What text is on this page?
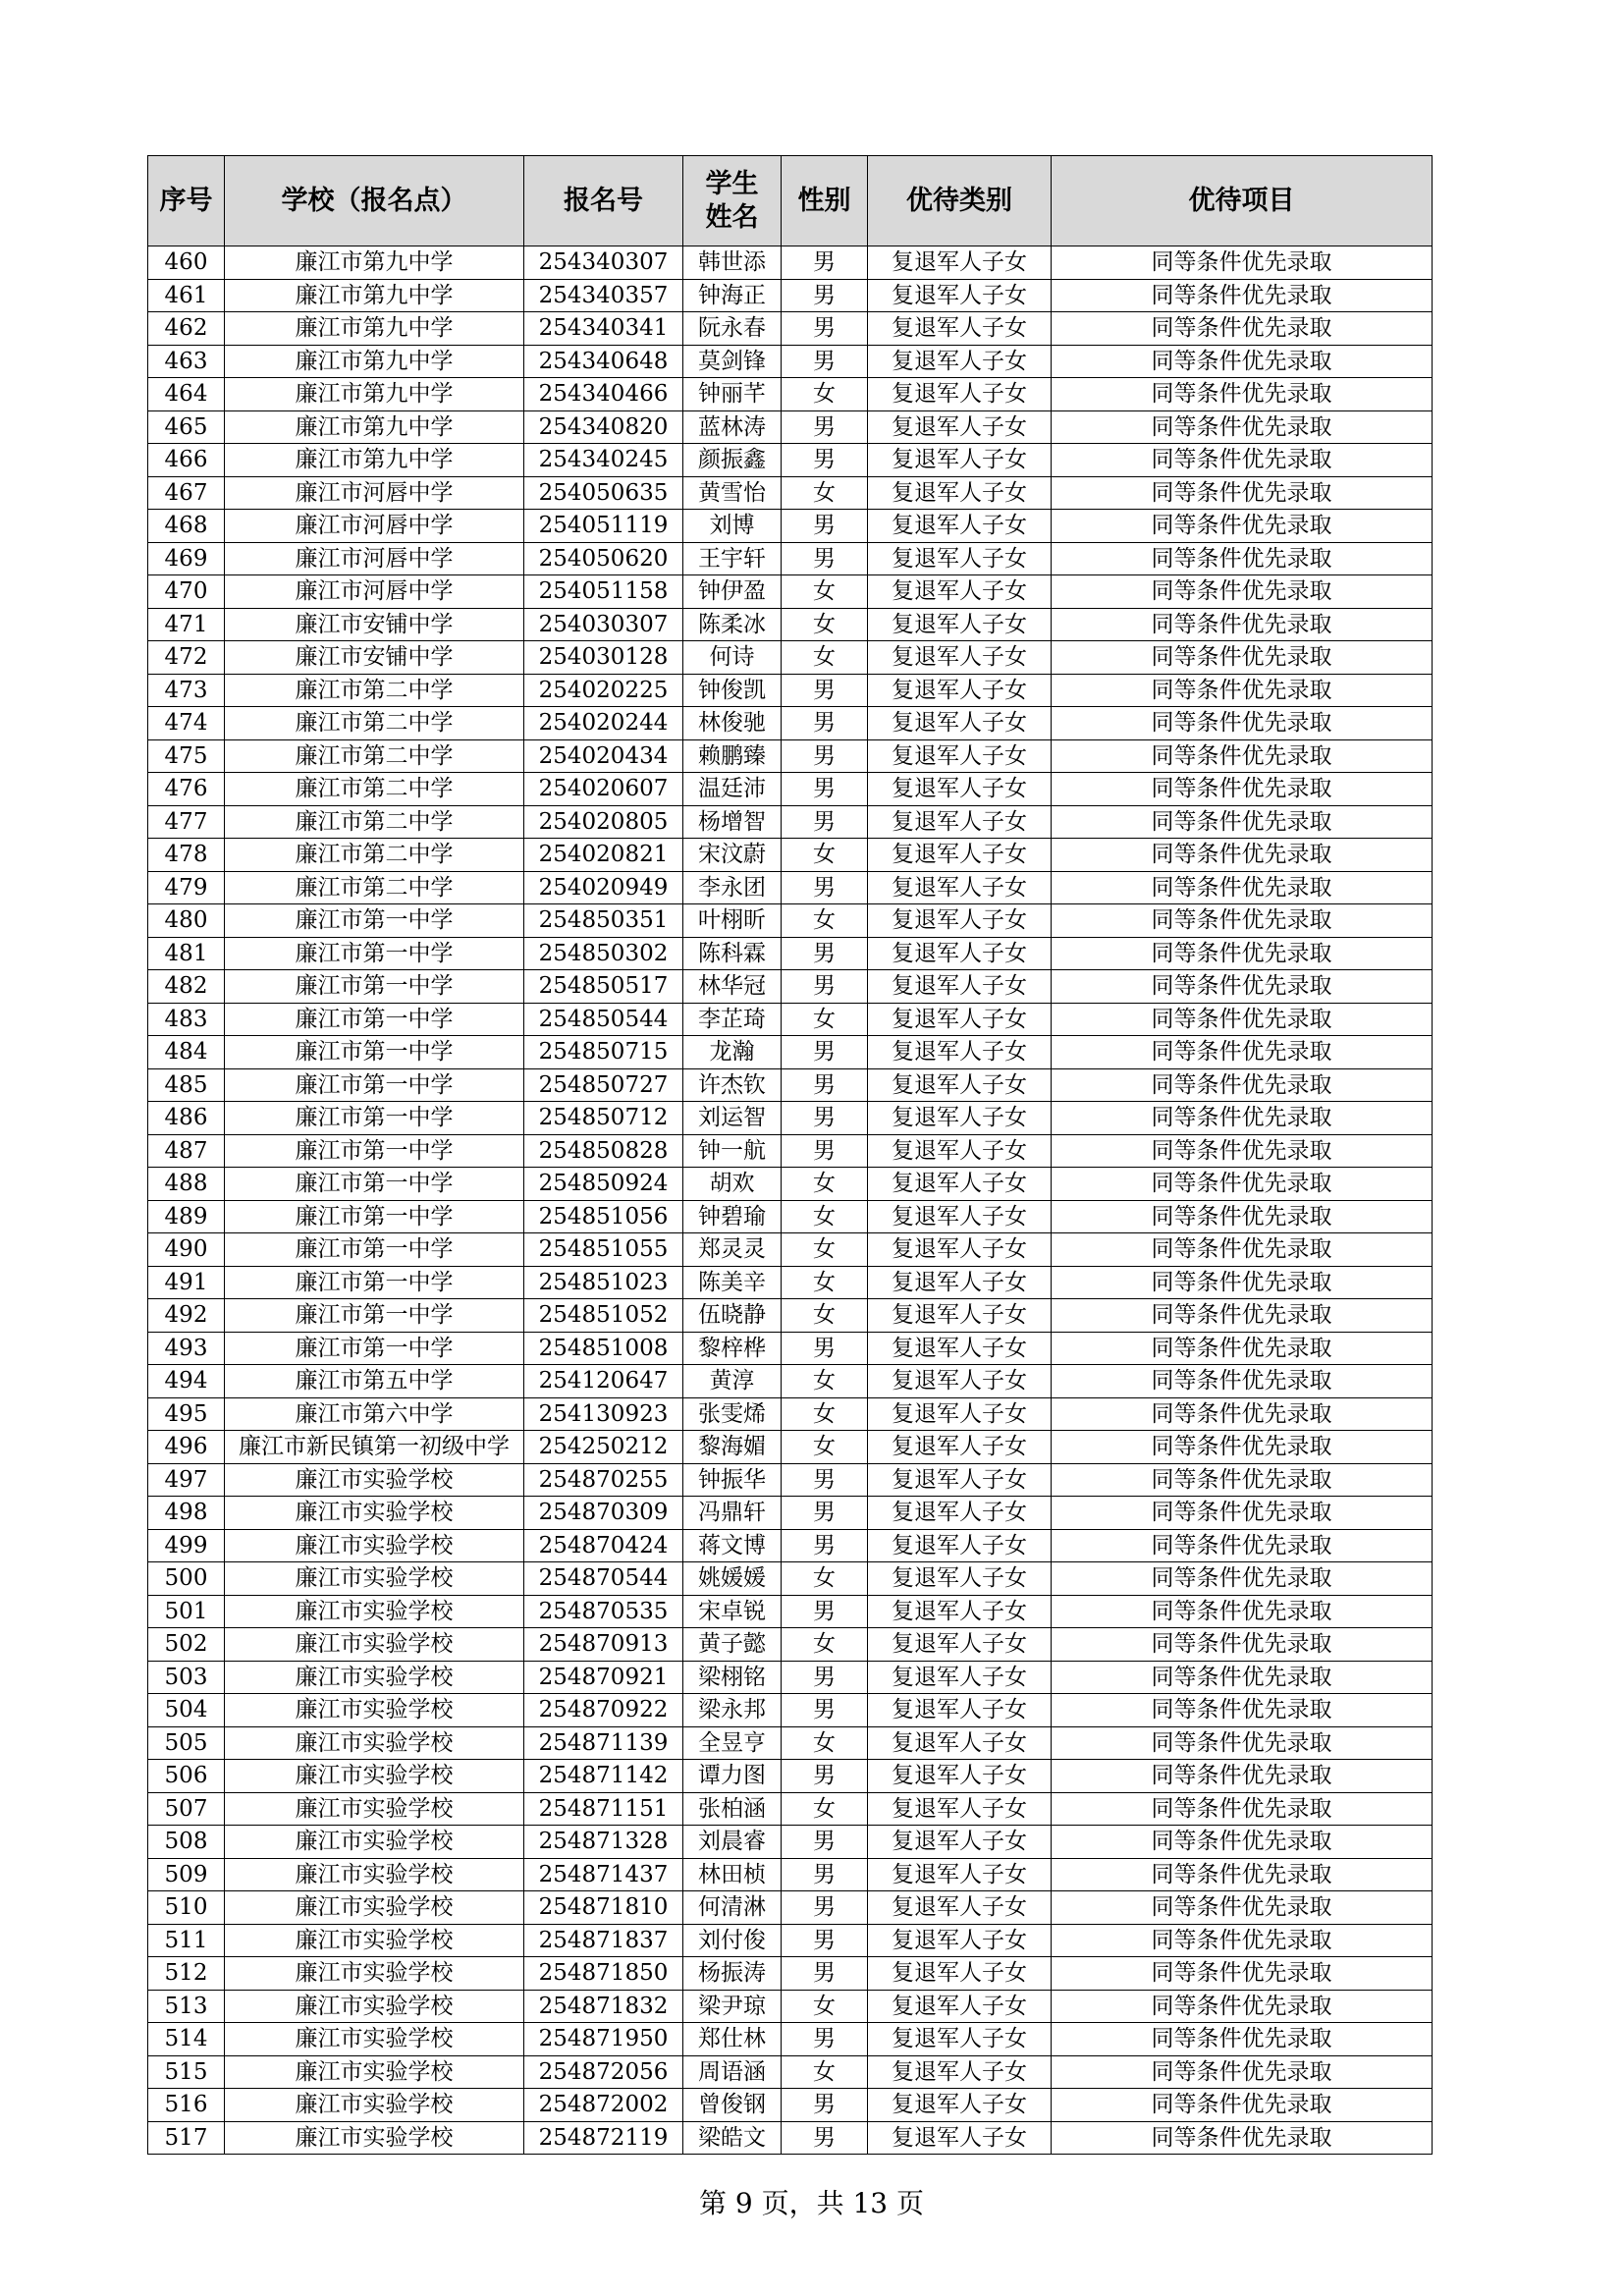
序号	学校（报名点）	报名号	学生姓名	性别	优待类别	优待项目
460	廉江市第九中学	254340307	韩世添	男	复退军人子女	同等条件优先录取
461	廉江市第九中学	254340357	钟海正	男	复退军人子女	同等条件优先录取
462	廉江市第九中学	254340341	阮永春	男	复退军人子女	同等条件优先录取
463	廉江市第九中学	254340648	莫剑锋	男	复退军人子女	同等条件优先录取
464	廉江市第九中学	254340466	钟丽芊	女	复退军人子女	同等条件优先录取
465	廉江市第九中学	254340820	蓝林涛	男	复退军人子女	同等条件优先录取
466	廉江市第九中学	254340245	颜振鑫	男	复退军人子女	同等条件优先录取
467	廉江市河唇中学	254050635	黄雪怡	女	复退军人子女	同等条件优先录取
468	廉江市河唇中学	254051119	刘博	男	复退军人子女	同等条件优先录取
469	廉江市河唇中学	254050620	王宇轩	男	复退军人子女	同等条件优先录取
470	廉江市河唇中学	254051158	钟伊盈	女	复退军人子女	同等条件优先录取
471	廉江市安铺中学	254030307	陈柔冰	女	复退军人子女	同等条件优先录取
472	廉江市安铺中学	254030128	何诗	女	复退军人子女	同等条件优先录取
473	廉江市第二中学	254020225	钟俊凯	男	复退军人子女	同等条件优先录取
474	廉江市第二中学	254020244	林俊驰	男	复退军人子女	同等条件优先录取
475	廉江市第二中学	254020434	赖鹏臻	男	复退军人子女	同等条件优先录取
476	廉江市第二中学	254020607	温廷沛	男	复退军人子女	同等条件优先录取
477	廉江市第二中学	254020805	杨增智	男	复退军人子女	同等条件优先录取
478	廉江市第二中学	254020821	宋汶蔚	女	复退军人子女	同等条件优先录取
479	廉江市第二中学	254020949	李永团	男	复退军人子女	同等条件优先录取
480	廉江市第一中学	254850351	叶栩昕	女	复退军人子女	同等条件优先录取
481	廉江市第一中学	254850302	陈科霖	男	复退军人子女	同等条件优先录取
482	廉江市第一中学	254850517	林华冠	男	复退军人子女	同等条件优先录取
483	廉江市第一中学	254850544	李芷琦	女	复退军人子女	同等条件优先录取
484	廉江市第一中学	254850715	龙瀚	男	复退军人子女	同等条件优先录取
485	廉江市第一中学	254850727	许杰钦	男	复退军人子女	同等条件优先录取
486	廉江市第一中学	254850712	刘运智	男	复退军人子女	同等条件优先录取
487	廉江市第一中学	254850828	钟一航	男	复退军人子女	同等条件优先录取
488	廉江市第一中学	254850924	胡欢	女	复退军人子女	同等条件优先录取
489	廉江市第一中学	254851056	钟碧瑜	女	复退军人子女	同等条件优先录取
490	廉江市第一中学	254851055	郑灵灵	女	复退军人子女	同等条件优先录取
491	廉江市第一中学	254851023	陈美辛	女	复退军人子女	同等条件优先录取
492	廉江市第一中学	254851052	伍晓静	女	复退军人子女	同等条件优先录取
493	廉江市第一中学	254851008	黎梓桦	男	复退军人子女	同等条件优先录取
494	廉江市第五中学	254120647	黄淳	女	复退军人子女	同等条件优先录取
495	廉江市第六中学	254130923	张雯烯	女	复退军人子女	同等条件优先录取
496	廉江市新民镇第一初级中学	254250212	黎海媚	女	复退军人子女	同等条件优先录取
497	廉江市实验学校	254870255	钟振华	男	复退军人子女	同等条件优先录取
498	廉江市实验学校	254870309	冯鼎轩	男	复退军人子女	同等条件优先录取
499	廉江市实验学校	254870424	蒋文博	男	复退军人子女	同等条件优先录取
500	廉江市实验学校	254870544	姚媛媛	女	复退军人子女	同等条件优先录取
501	廉江市实验学校	254870535	宋卓锐	男	复退军人子女	同等条件优先录取
502	廉江市实验学校	254870913	黄子懿	女	复退军人子女	同等条件优先录取
503	廉江市实验学校	254870921	梁栩铭	男	复退军人子女	同等条件优先录取
504	廉江市实验学校	254870922	梁永邦	男	复退军人子女	同等条件优先录取
505	廉江市实验学校	254871139	全昱亨	女	复退军人子女	同等条件优先录取
506	廉江市实验学校	254871142	谭力图	男	复退军人子女	同等条件优先录取
507	廉江市实验学校	254871151	张柏涵	女	复退军人子女	同等条件优先录取
508	廉江市实验学校	254871328	刘晨睿	男	复退军人子女	同等条件优先录取
509	廉江市实验学校	254871437	林田桢	男	复退军人子女	同等条件优先录取
510	廉江市实验学校	254871810	何清淋	男	复退军人子女	同等条件优先录取
511	廉江市实验学校	254871837	刘付俊	男	复退军人子女	同等条件优先录取
512	廉江市实验学校	254871850	杨振涛	男	复退军人子女	同等条件优先录取
513	廉江市实验学校	254871832	梁尹琼	女	复退军人子女	同等条件优先录取
514	廉江市实验学校	254871950	郑仕林	男	复退军人子女	同等条件优先录取
515	廉江市实验学校	254872056	周语涵	女	复退军人子女	同等条件优先录取
516	廉江市实验学校	254872002	曾俊钢	男	复退军人子女	同等条件优先录取
517	廉江市实验学校	254872119	梁皓文	男	复退军人子女	同等条件优先录取
第 9 页，共 13 页
